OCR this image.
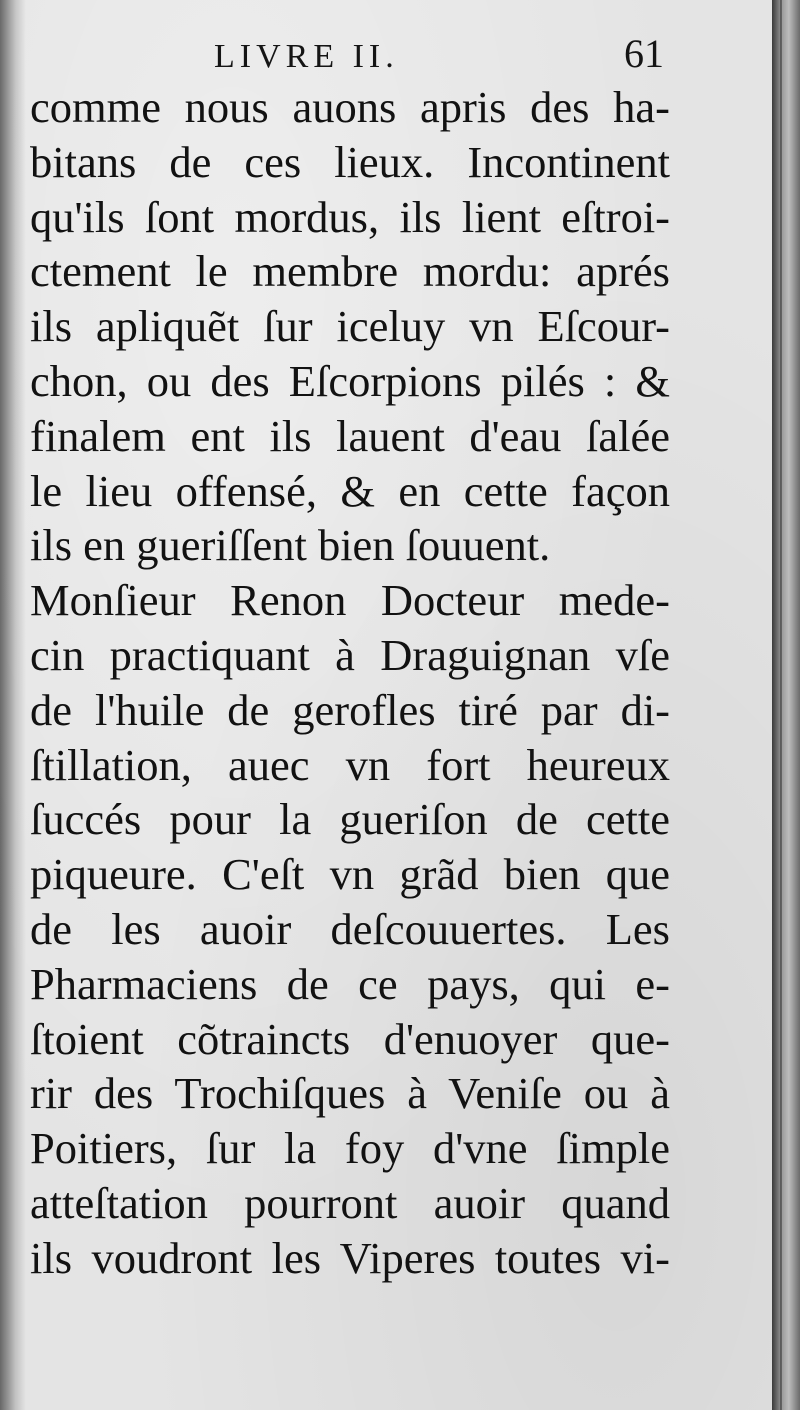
LIVRE II.	61
comme nous auons apris des ha-
bitans de ces lieux. Incontinent
qu'ils ſont mordus, ils lient eſtroi-
ctement le membre mordu: aprés
ils apliquẽt ſur iceluy vn Eſcour-
chon, ou des Eſcorpions pilés : &
finalem ent ils lauent d'eau ſalée
le lieu offensé, & en cette façon
ils en gueriſſent bien ſouuent.
Monſieur Renon Docteur mede-
cin practiquant à Draguignan vſe
de l'huile de gerofles tiré par di-
ſtillation, auec vn fort heureux
ſuccés pour la gueriſon de cette
piqueure. C'eſt vn grãd bien que
de les auoir deſcouuertes. Les
Pharmaciens de ce pays, qui e-
ſtoient cõtraincts d'enuoyer que-
rir des Trochiſques à Veniſe ou à
Poitiers, ſur la foy d'vne ſimple
atteſtation pourront auoir quand
ils voudront les Viperes toutes vi-
